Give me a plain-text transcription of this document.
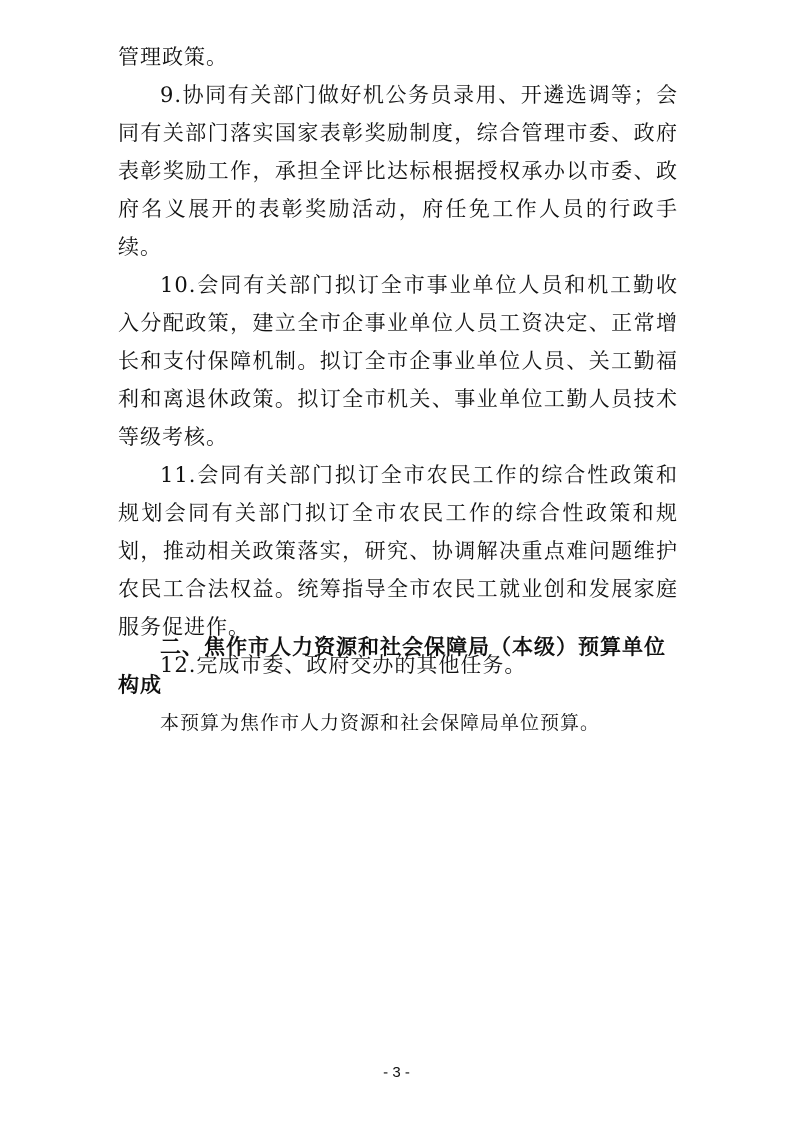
管理政策。

9.协同有关部门做好机公务员录用、开遴选调等；会同有关部门落实国家表彰奖励制度，综合管理市委、政府表彰奖励工作，承担全评比达标根据授权承办以市委、政府名义展开的表彰奖励活动，府任免工作人员的行政手续。

10.会同有关部门拟订全市事业单位人员和机工勤收入分配政策，建立全市企事业单位人员工资决定、正常增长和支付保障机制。拟订全市企事业单位人员、关工勤福利和离退休政策。拟订全市机关、事业单位工勤人员技术等级考核。

11.会同有关部门拟订全市农民工作的综合性政策和规划会同有关部门拟订全市农民工作的综合性政策和规划，推动相关政策落实，研究、协调解决重点难问题维护农民工合法权益。统筹指导全市农民工就业创和发展家庭服务促进作。

12.完成市委、政府交办的其他任务。

二、焦作市人力资源和社会保障局（本级）预算单位构成

本预算为焦作市人力资源和社会保障局单位预算。

- 3 -
